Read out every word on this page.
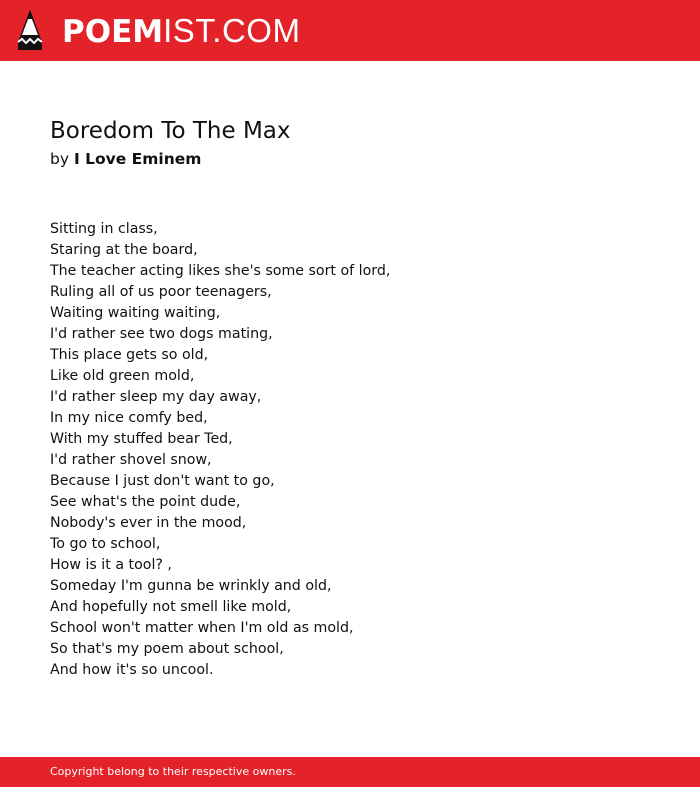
POEMIST.COM
Boredom To The Max
by I Love Eminem
Sitting in class,
Staring at the board,
The teacher acting likes she's some sort of lord,
Ruling all of us poor teenagers,
Waiting waiting waiting,
I'd rather see two dogs mating,
This place gets so old,
Like old green mold,
I'd rather sleep my day away,
In my nice comfy bed,
With my stuffed bear Ted,
I'd rather shovel snow,
Because I just don't want to go,
See what's the point dude,
Nobody's ever in the mood,
To go to school,
How is it a tool? ,
Someday I'm gunna be wrinkly and old,
And hopefully not smell like mold,
School won't matter when I'm old as mold,
So that's my poem about school,
And how it's so uncool.
Copyright belong to their respective owners.
